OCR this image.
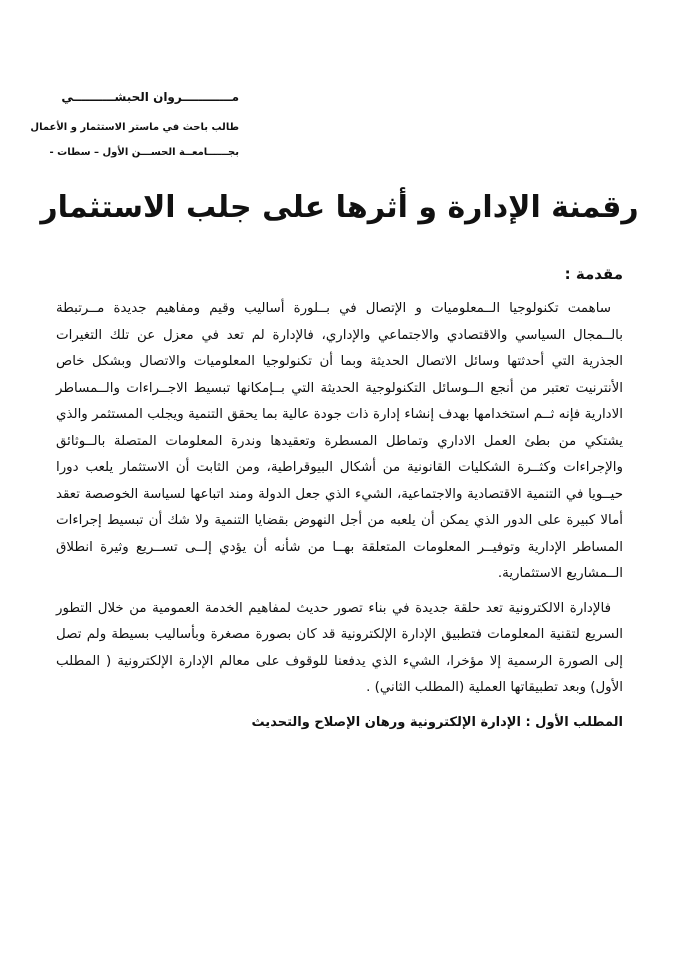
مــــــــــــروان الحبشــــــــــي

طالب باحث في ماستر الاستثمار و الأعمال

بجــــــامعــة الحســـن الأول – سطات -

رقمنة الإدارة و أثرها على جلب الاستثمار

مقدمة :

ساهمت تكنولوجيا الــمعلوميات و الإتصال في بــلورة أساليب وقيم ومفاهيم جديدة مــرتبطة بالــمجال السياسي والاقتصادي والاجتماعي والإداري، فالإدارة لم تعد في معزل عن تلك التغيرات الجذرية التي أحدثتها وسائل الاتصال الحديثة وبما أن تكنولوجيا المعلوميات والاتصال وبشكل خاص الأنترنيت تعتبر من أنجع الــوسائل التكنولوجية الحديثة التي بــإمكانها تبسيط الاجــراءات والــمساطر الادارية فإنه ثــم استخدامها بهدف إنشاء إدارة ذات جودة عالية بما يحقق التنمية ويجلب المستثمر والذي يشتكي من بطئ العمل الاداري وتماطل المسطرة وتعقيدها وندرة المعلومات المتصلة بالــوثائق والإجراءات وكثــرة الشكليات القانونية من أشكال البيوقراطية، ومن الثابت أن الاستثمار يلعب دورا حيــويا في التنمية الاقتصادية والاجتماعية، الشيء الذي جعل الدولة ومند اتباعها لسياسة الخوصصة تعقد أمالا كبيرة على الدور الذي يمكن أن يلعبه من أجل النهوض بقضايا التنمية ولا شك أن تبسيط إجراءات المساطر الإدارية وتوفيــر المعلومات المتعلقة بهــا من شأنه أن يؤدي إلــى تســريع وثيرة انطلاق الــمشاريع الاستثمارية.

فالإدارة الالكترونية تعد حلقة جديدة في بناء تصور حديث لمفاهيم الخدمة العمومية من خلال التطور السريع لتقنية المعلومات فتطبيق الإدارة الإلكترونية قد كان بصورة مصغرة وبأساليب بسيطة ولم تصل إلى الصورة الرسمية إلا مؤخرا، الشيء الذي يدفعنا للوقوف على معالم الإدارة الإلكترونية ( المطلب الأول) وبعد تطبيقاتها العملية (المطلب الثاني) .

المطلب الأول : الإدارة الإلكترونية ورهان الإصلاح والتحديث
